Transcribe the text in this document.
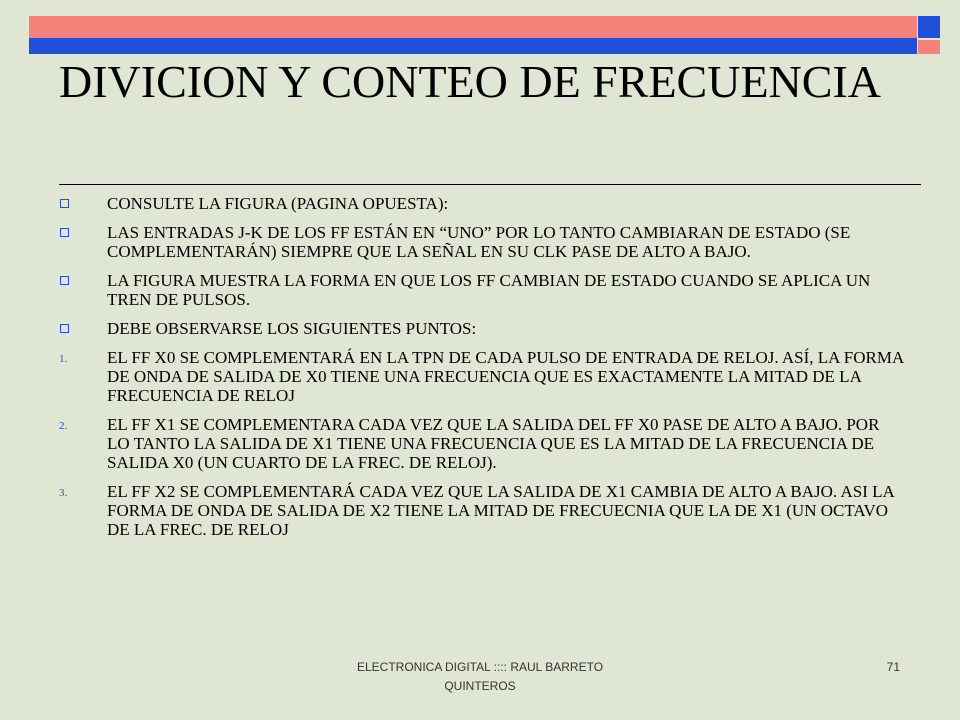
DIVICION Y CONTEO DE FRECUENCIA
CONSULTE LA FIGURA (PAGINA OPUESTA):
LAS ENTRADAS J-K DE LOS FF ESTÁN EN “UNO” POR LO TANTO CAMBIARAN DE ESTADO (SE COMPLEMENTARÁN) SIEMPRE QUE LA SEÑAL EN SU CLK PASE DE ALTO A BAJO.
LA FIGURA MUESTRA LA FORMA EN QUE LOS FF CAMBIAN DE ESTADO CUANDO SE APLICA UN TREN DE PULSOS.
DEBE OBSERVARSE LOS SIGUIENTES PUNTOS:
1. EL FF X0 SE COMPLEMENTARÁ EN LA TPN DE CADA PULSO DE ENTRADA DE RELOJ. ASÍ, LA FORMA DE ONDA DE SALIDA DE X0 TIENE UNA FRECUENCIA QUE ES EXACTAMENTE LA MITAD DE LA FRECUENCIA DE RELOJ
2. EL FF X1 SE COMPLEMENTARA CADA VEZ QUE LA SALIDA DEL FF X0 PASE DE ALTO A BAJO. POR LO TANTO LA SALIDA DE X1 TIENE UNA FRECUENCIA QUE ES LA MITAD DE LA FRECUENCIA DE SALIDA X0 (UN CUARTO DE LA FREC. DE RELOJ).
3. EL FF X2 SE COMPLEMENTARÁ CADA VEZ QUE LA SALIDA DE X1 CAMBIA DE ALTO A BAJO. ASI LA FORMA DE ONDA DE SALIDA DE X2 TIENE LA MITAD DE FRECUECNIA QUE LA DE X1 (UN OCTAVO DE LA FREC. DE RELOJ
ELECTRONICA DIGITAL :::: RAUL BARRETO QUINTEROS
71
